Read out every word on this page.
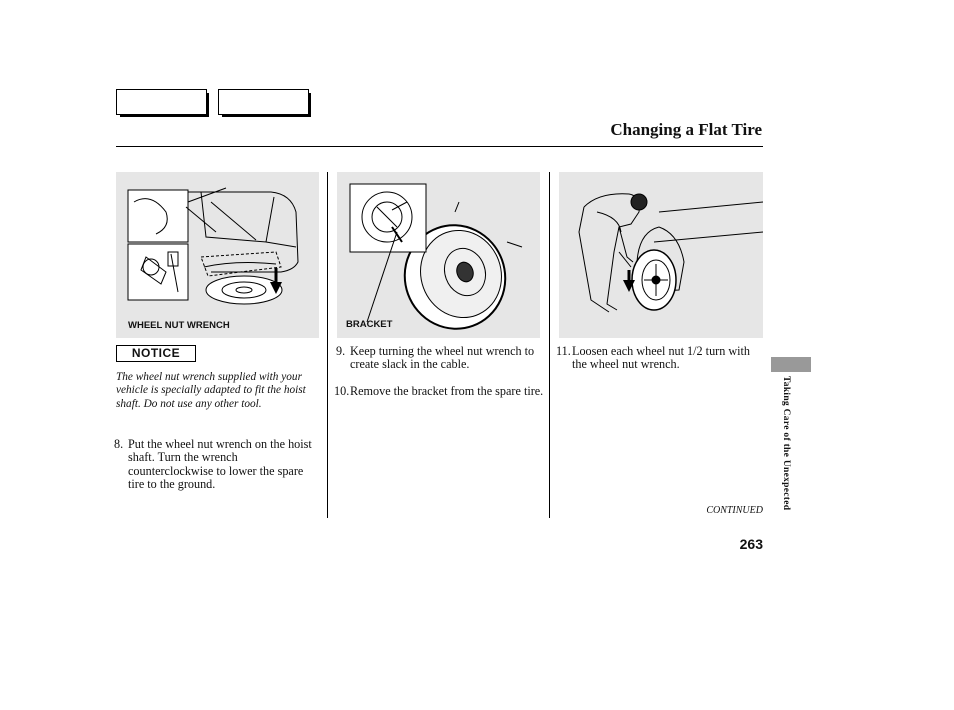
Changing a Flat Tire
WHEEL NUT WRENCH	BRACKET
NOTICE
The wheel nut wrench supplied with your vehicle is specially adapted to fit the hoist shaft. Do not use any other tool.
8. Put the wheel nut wrench on the hoist shaft. Turn the wrench counterclockwise to lower the spare tire to the ground.
9. Keep turning the wheel nut wrench to create slack in the cable.
10. Remove the bracket from the spare tire.
11. Loosen each wheel nut 1/2 turn with the wheel nut wrench.
Taking Care of the Unexpected
CONTINUED
263
